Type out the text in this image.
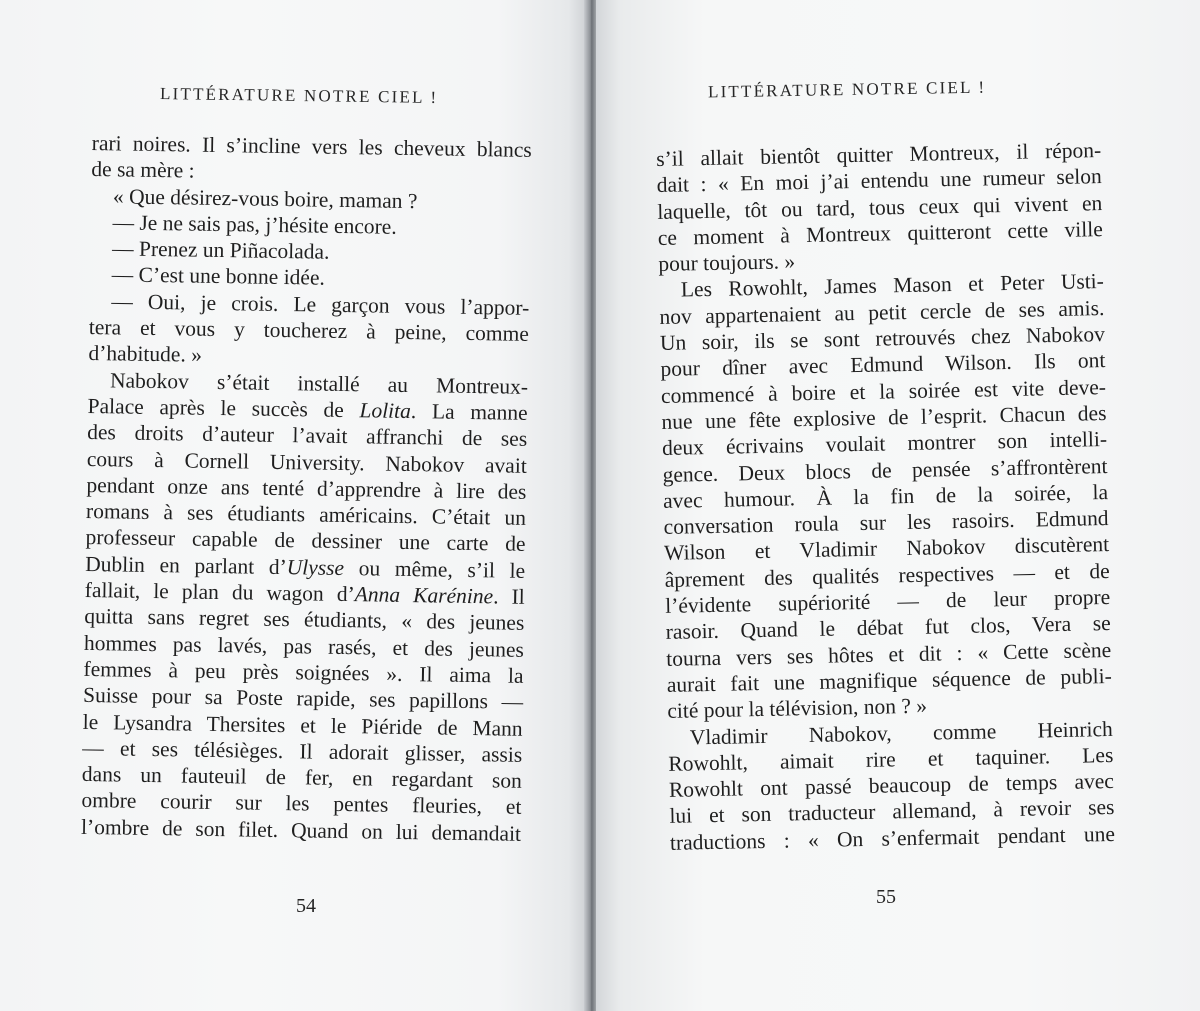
LITTÉRATURE NOTRE CIEL !
rari noires. Il s’incline vers les cheveux blancs
de sa mère :
« Que désirez-vous boire, maman ?
— Je ne sais pas, j’hésite encore.
— Prenez un Piñacolada.
— C’est une bonne idée.
— Oui, je crois. Le garçon vous l’appor-
tera et vous y toucherez à peine, comme
d’habitude. »
Nabokov s’était installé au Montreux-
Palace après le succès de Lolita. La manne
des droits d’auteur l’avait affranchi de ses
cours à Cornell University. Nabokov avait
pendant onze ans tenté d’apprendre à lire des
romans à ses étudiants américains. C’était un
professeur capable de dessiner une carte de
Dublin en parlant d’Ulysse ou même, s’il le
fallait, le plan du wagon d’Anna Karénine. Il
quitta sans regret ses étudiants, « des jeunes
hommes pas lavés, pas rasés, et des jeunes
femmes à peu près soignées ». Il aima la
Suisse pour sa Poste rapide, ses papillons —
le Lysandra Thersites et le Piéride de Mann
— et ses télésièges. Il adorait glisser, assis
dans un fauteuil de fer, en regardant son
ombre courir sur les pentes fleuries, et
l’ombre de son filet. Quand on lui demandait
54
LITTÉRATURE NOTRE CIEL !
s’il allait bientôt quitter Montreux, il répon-
dait : « En moi j’ai entendu une rumeur selon
laquelle, tôt ou tard, tous ceux qui vivent en
ce moment à Montreux quitteront cette ville
pour toujours. »
Les Rowohlt, James Mason et Peter Usti-
nov appartenaient au petit cercle de ses amis.
Un soir, ils se sont retrouvés chez Nabokov
pour dîner avec Edmund Wilson. Ils ont
commencé à boire et la soirée est vite deve-
nue une fête explosive de l’esprit. Chacun des
deux écrivains voulait montrer son intelli-
gence. Deux blocs de pensée s’affrontèrent
avec humour. À la fin de la soirée, la
conversation roula sur les rasoirs. Edmund
Wilson et Vladimir Nabokov discutèrent
âprement des qualités respectives — et de
l’évidente supériorité — de leur propre
rasoir. Quand le débat fut clos, Vera se
tourna vers ses hôtes et dit : « Cette scène
aurait fait une magnifique séquence de publi-
cité pour la télévision, non ? »
Vladimir Nabokov, comme Heinrich
Rowohlt, aimait rire et taquiner. Les
Rowohlt ont passé beaucoup de temps avec
lui et son traducteur allemand, à revoir ses
traductions : « On s’enfermait pendant une
55
